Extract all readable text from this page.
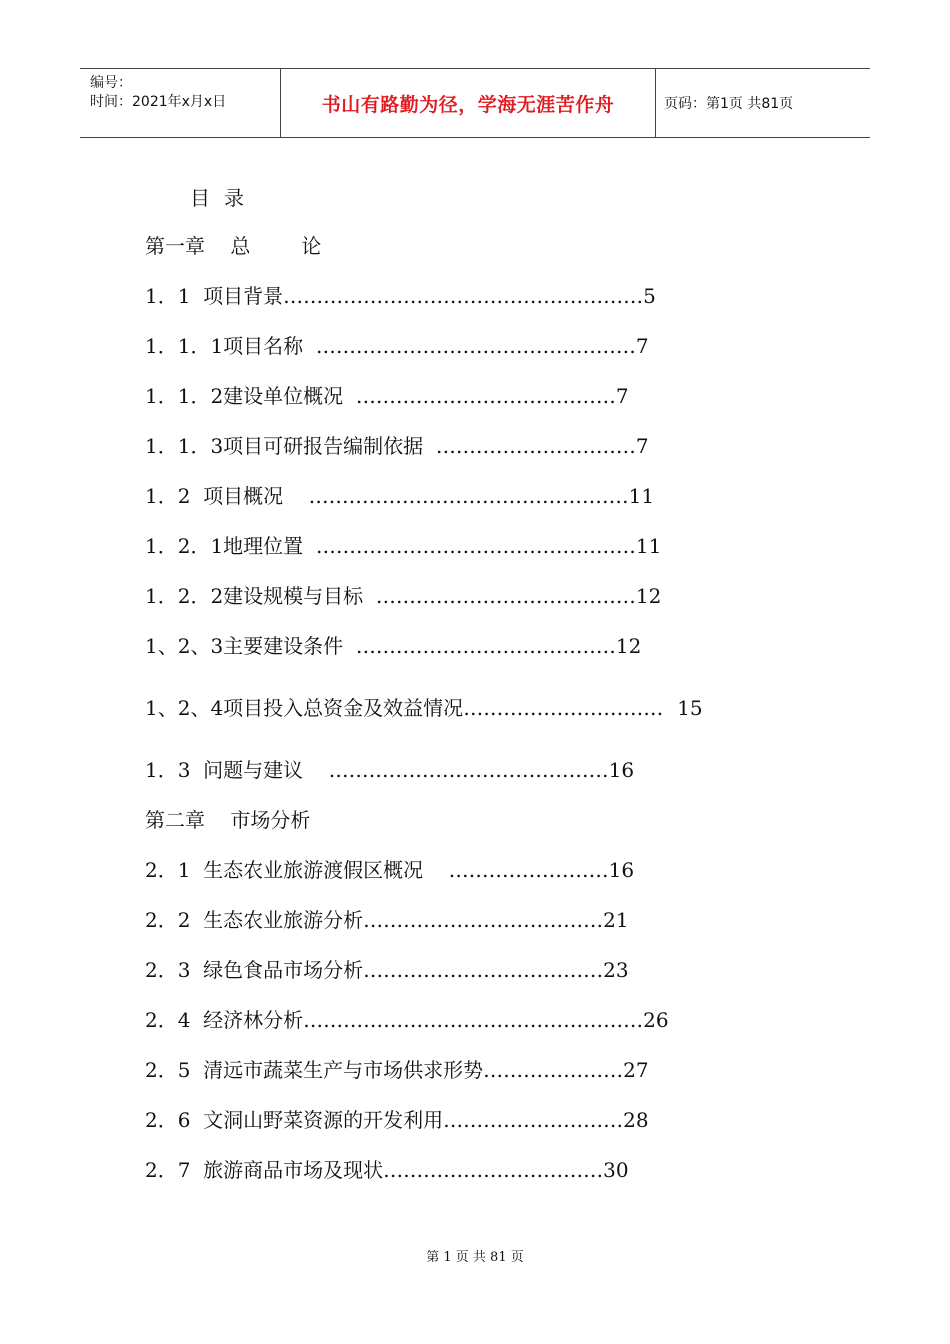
编号：
时间：2021年x月x日	书山有路勤为径，学海无涯苦作舟	页码：第1页 共81页
目录
第一章    总        论
1．1  项目背景………………………………………………5
1．1．1项目名称  …………………………………………7
1．1．2建设单位概况  …………………………………7
1．1．3项目可研报告编制依据  …………………………7
1．2  项目概况    …………………………………………11
1．2．1地理位置  …………………………………………11
1．2．2建设规模与目标  …………………………………12
1、2、3主要建设条件  …………………………………12
1、2、4项目投入总资金及效益情况………………………… 15
1．3  问题与建议    ……………………………………16
第二章    市场分析
2．1  生态农业旅游渡假区概况    ……………………16
2．2  生态农业旅游分析………………………………21
2．3  绿色食品市场分析………………………………23
2．4  经济林分析……………………………………………26
2．5  清远市蔬菜生产与市场供求形势…………………27
2．6  文洞山野菜资源的开发利用………………………28
2．7  旅游商品市场及现状……………………………30
第 1 页 共 81 页
